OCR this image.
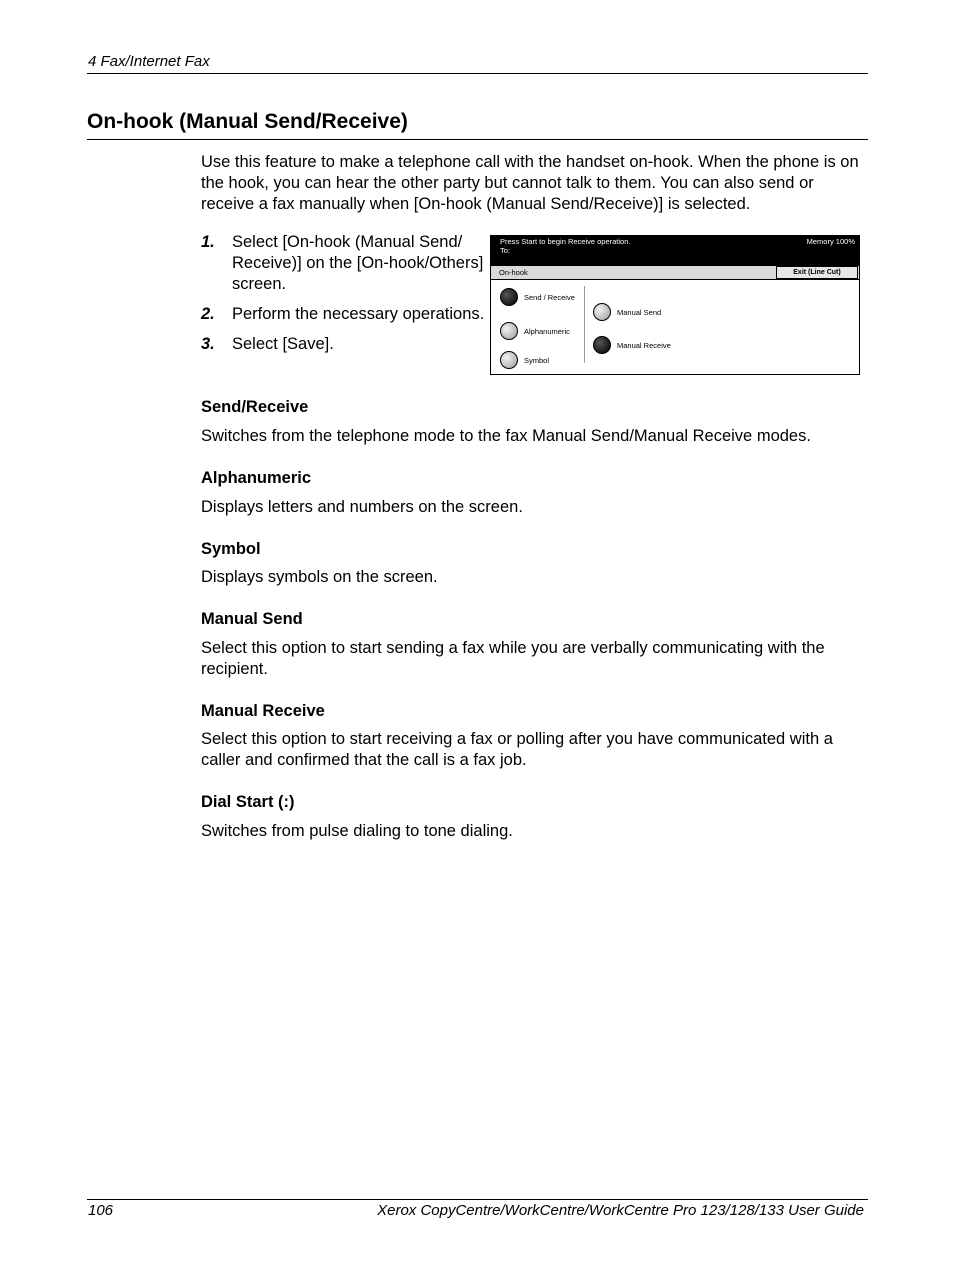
4 Fax/Internet Fax
On-hook (Manual Send/Receive)
Use this feature to make a telephone call with the handset on-hook. When the phone is on the hook, you can hear the other party but cannot talk to them. You can also send or receive a fax manually when [On-hook (Manual Send/Receive)] is selected.
1. Select [On-hook (Manual Send/ Receive)] on the [On-hook/Others] screen.
2. Perform the necessary operations.
3. Select [Save].
Press Start to begin Receive operation.
To:
Memory 100%
On-hook	Exit (Line Cut)
Send / Receive
Alphanumeric
Symbol
Manual Send
Manual Receive
Send/Receive
Switches from the telephone mode to the fax Manual Send/Manual Receive modes.
Alphanumeric
Displays letters and numbers on the screen.
Symbol
Displays symbols on the screen.
Manual Send
Select this option to start sending a fax while you are verbally communicating with the recipient.
Manual Receive
Select this option to start receiving a fax or polling after you have communicated with a caller and confirmed that the call is a fax job.
Dial Start (:)
Switches from pulse dialing to tone dialing.
106	Xerox CopyCentre/WorkCentre/WorkCentre Pro 123/128/133 User Guide
